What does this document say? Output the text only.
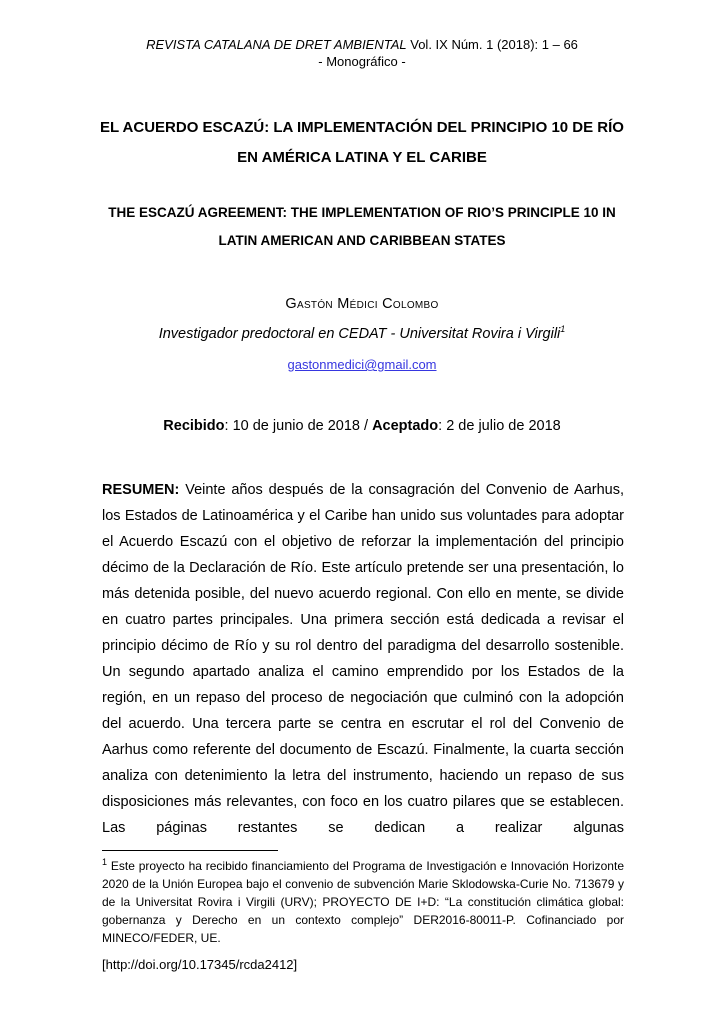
REVISTA CATALANA DE DRET AMBIENTAL Vol. IX Núm. 1 (2018): 1 – 66
- Monográfico -
EL ACUERDO ESCAZÚ: LA IMPLEMENTACIÓN DEL PRINCIPIO 10 DE RÍO
EN AMÉRICA LATINA Y EL CARIBE
THE ESCAZÚ AGREEMENT: THE IMPLEMENTATION OF RIO’S PRINCIPLE 10 IN
LATIN AMERICAN AND CARIBBEAN STATES
Gastón Médici Colombo
Investigador predoctoral en CEDAT - Universitat Rovira i Virgili$^1$
gastonmedici@gmail.com
Recibido: 10 de junio de 2018 / Aceptado: 2 de julio de 2018

RESUMEN: Veinte años después de la consagración del Convenio de Aarhus, los Estados de Latinoamérica y el Caribe han unido sus voluntades para adoptar el Acuerdo Escazú con el objetivo de reforzar la implementación del principio décimo de la Declaración de Río. Este artículo pretende ser una presentación, lo más detenida posible, del nuevo acuerdo regional. Con ello en mente, se divide en cuatro partes principales. Una primera sección está dedicada a revisar el principio décimo de Río y su rol dentro del paradigma del desarrollo sostenible. Un segundo apartado analiza el camino emprendido por los Estados de la región, en un repaso del proceso de negociación que culminó con la adopción del acuerdo. Una tercera parte se centra en escrutar el rol del Convenio de Aarhus como referente del documento de Escazú. Finalmente, la cuarta sección analiza con detenimiento la letra del instrumento, haciendo un repaso de sus disposiciones más relevantes, con foco en los cuatro pilares que se establecen. Las páginas restantes se dedican a realizar algunas

$^1$ Este proyecto ha recibido financiamiento del Programa de Investigación e Innovación Horizonte 2020 de la Unión Europea bajo el convenio de subvención Marie Sklodowska-Curie No. 713679 y de la Universitat Rovira i Virgili (URV); PROYECTO DE I+D: “La constitución climática global: gobernanza y Derecho en un contexto complejo” DER2016-80011-P. Cofinanciado por MINECO/FEDER, UE.

[http://doi.org/10.17345/rcda2412]
